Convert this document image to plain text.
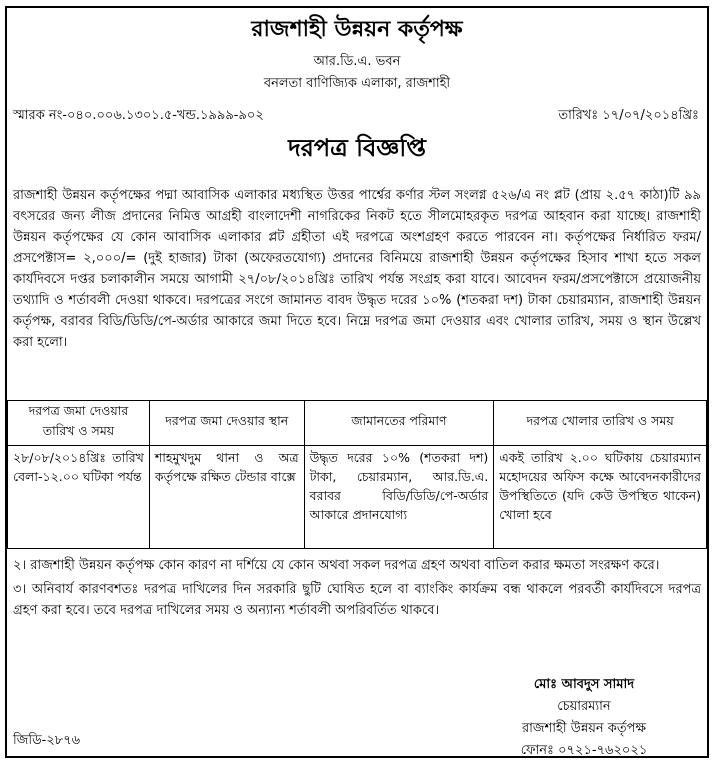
রাজশাহী উন্নয়ন কর্তৃপক্ষ
আর.ডি.এ. ভবন
বনলতা বাণিজ্যিক এলাকা, রাজশাহী
স্মারক নং-০৪০.০০৬.১৩০১.৫-খন্ড.১৯৯৯-৯০২	তারিখঃ ১৭/০৭/২০১৪খ্রিঃ
দরপত্র বিজ্ঞপ্তি
রাজশাহী উন্নয়ন কর্তৃপক্ষের পদ্মা আবাসিক এলাকার মধ্যস্থিত উত্তর পার্শ্বের কর্ণার স্টল সংলগ্ন ৫২৬/এ নং প্লট (প্রায় ২.৫৭ কাঠা)টি ৯৯ বৎসরের জন্য লীজ প্রদানের নিমিত্ত আগ্রহী বাংলাদেশী নাগরিকের নিকট হতে সীলমোহরকৃত দরপত্র আহবান করা যাচ্ছে। রাজশাহী উন্নয়ন কর্তৃপক্ষের যে কোন আবাসিক এলাকার প্লট গ্রহীতা এই দরপত্রে অংশগ্রহণ করতে পারবেন না। কর্তৃপক্ষের নির্ধারিত ফরম/প্রসপেক্টাস= ২,০০০/= (দুই হাজার) টাকা (অফেরতযোগ্য) প্রদানের বিনিময়ে রাজশাহী উন্নয়ন কর্তৃপক্ষের হিসাব শাখা হতে সকল কার্যদিবসে দপ্তর চলাকালীন সময়ে আগামী ২৭/০৮/২০১৪খ্রিঃ তারিখ পর্যন্ত সংগ্রহ করা যাবে। আবেদন ফরম/প্রসপেক্টাসে প্রয়োজনীয় তথ্যাদি ও শর্তাবলী দেওয়া থাকবে। দরপত্রের সংগে জামানত বাবদ উদ্ধৃত দরের ১০% (শতকরা দশ) টাকা চেয়ারম্যান, রাজশাহী উন্নয়ন কর্তৃপক্ষ, বরাবর বিডি/ডিডি/পে-অর্ডার আকারে জমা দিতে হবে। নিম্নে দরপত্র জমা দেওয়ার এবং খোলার তারিখ, সময় ও স্থান উল্লেখ করা হলো।
দরপত্র জমা দেওয়ার তারিখ ও সময়	দরপত্র জমা দেওয়ার স্থান	জামানতের পরিমাণ	দরপত্র খোলার তারিখ ও সময়
২৮/০৮/২০১৪খ্রিঃ তারিখ বেলা-১২.০০ ঘটিকা পর্যন্ত	শাহমুখদুম থানা ও অত্র কর্তৃপক্ষে রক্ষিত টেন্ডার বাক্সে	উদ্ধৃত দরের ১০% (শতকরা দশ) টাকা, চেয়ারম্যান, আর.ডি.এ. বরাবর বিডি/ডিডি/পে-অর্ডার আকারে প্রদানযোগ্য	একই তারিখ ২.০০ ঘটিকায় চেয়ারম্যান মহোদয়ের অফিস কক্ষে আবেদনকারীদের উপস্থিতিতে (যদি কেউ উপস্থিত থাকেন) খোলা হবে

২। রাজশাহী উন্নয়ন কর্তৃপক্ষ কোন কারণ না দর্শিয়ে যে কোন অথবা সকল দরপত্র গ্রহণ অথবা বাতিল করার ক্ষমতা সংরক্ষণ করে।

৩। অনিবার্য কারণবশতঃ দরপত্র দাখিলের দিন সরকারি ছুটি ঘোষিত হলে বা ব্যাংকিং কার্যক্রম বন্ধ থাকলে পরবর্তী কার্যদিবসে দরপত্র গ্রহণ করা হবে। তবে দরপত্র দাখিলের সময় ও অন্যান্য শর্তাবলী অপরিবর্তিত থাকবে।

মোঃ আবদুস সামাদ
চেয়ারম্যান
রাজশাহী উন্নয়ন কর্তৃপক্ষ
ফোনঃ ০৭২১-৭৬২০২১
জিডি-২৮৭৬
